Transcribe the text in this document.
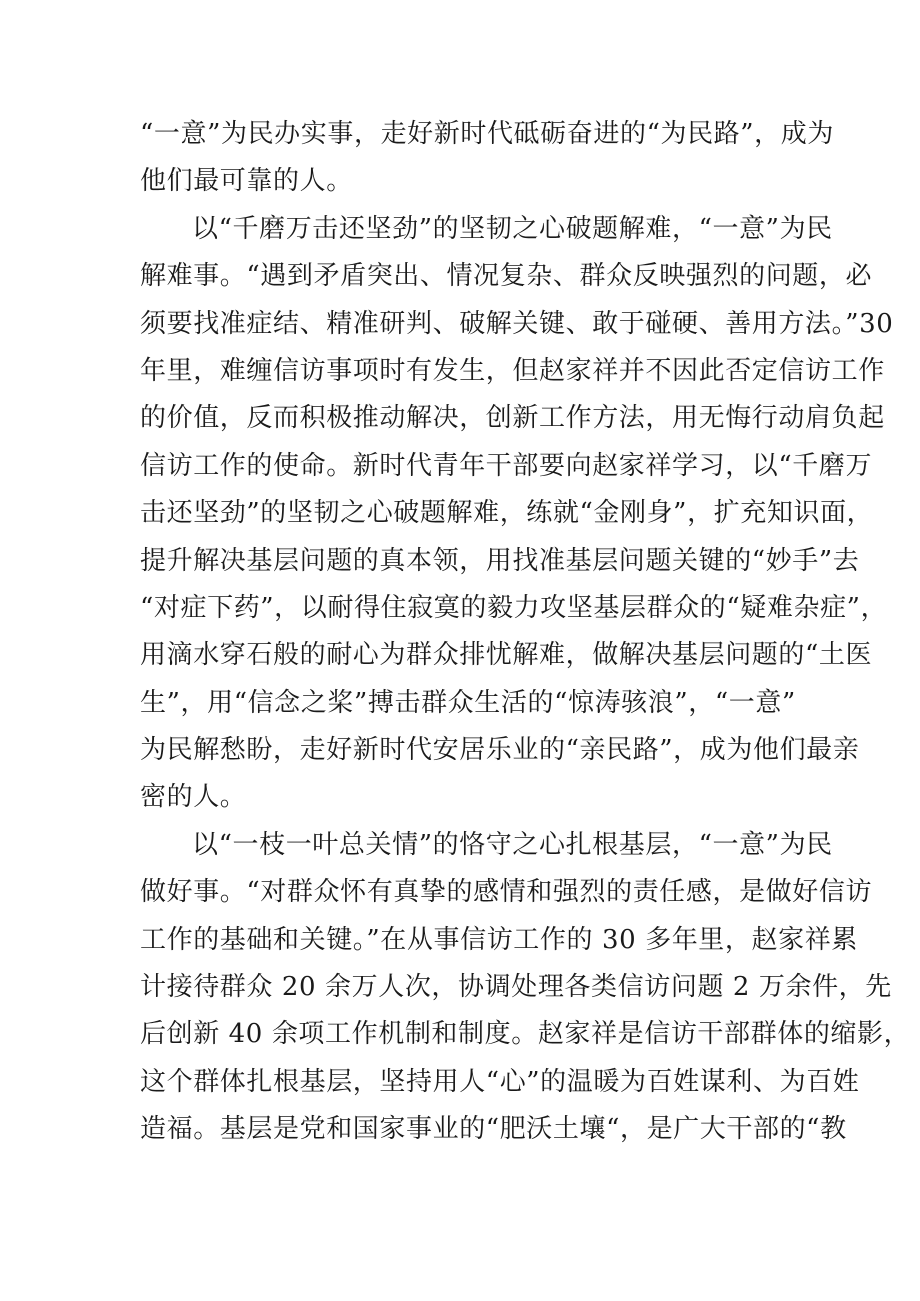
“一意”为民办实事，走好新时代砥砺奋进的“为民路”，成为
他们最可靠的人。
以“千磨万击还坚劲”的坚韧之心破题解难，“一意”为民
解难事。“遇到矛盾突出、情况复杂、群众反映强烈的问题，必
须要找准症结、精准研判、破解关键、敢于碰硬、善用方法。”30
年里，难缠信访事项时有发生，但赵家祥并不因此否定信访工作
的价值，反而积极推动解决，创新工作方法，用无悔行动肩负起
信访工作的使命。新时代青年干部要向赵家祥学习，以“千磨万
击还坚劲”的坚韧之心破题解难，练就“金刚身”，扩充知识面，
提升解决基层问题的真本领，用找准基层问题关键的“妙手”去
“对症下药”，以耐得住寂寞的毅力攻坚基层群众的“疑难杂症”，
用滴水穿石般的耐心为群众排忧解难，做解决基层问题的“土医
生”，用“信念之桨”搏击群众生活的“惊涛骇浪”，“一意”
为民解愁盼，走好新时代安居乐业的“亲民路”，成为他们最亲
密的人。
以“一枝一叶总关情”的恪守之心扎根基层，“一意”为民
做好事。“对群众怀有真挚的感情和强烈的责任感，是做好信访
工作的基础和关键。”在从事信访工作的 30 多年里，赵家祥累
计接待群众 20 余万人次，协调处理各类信访问题 2 万余件，先
后创新 40 余项工作机制和制度。赵家祥是信访干部群体的缩影，
这个群体扎根基层，坚持用人“心”的温暖为百姓谋利、为百姓
造福。基层是党和国家事业的“肥沃土壤“，是广大干部的“教
